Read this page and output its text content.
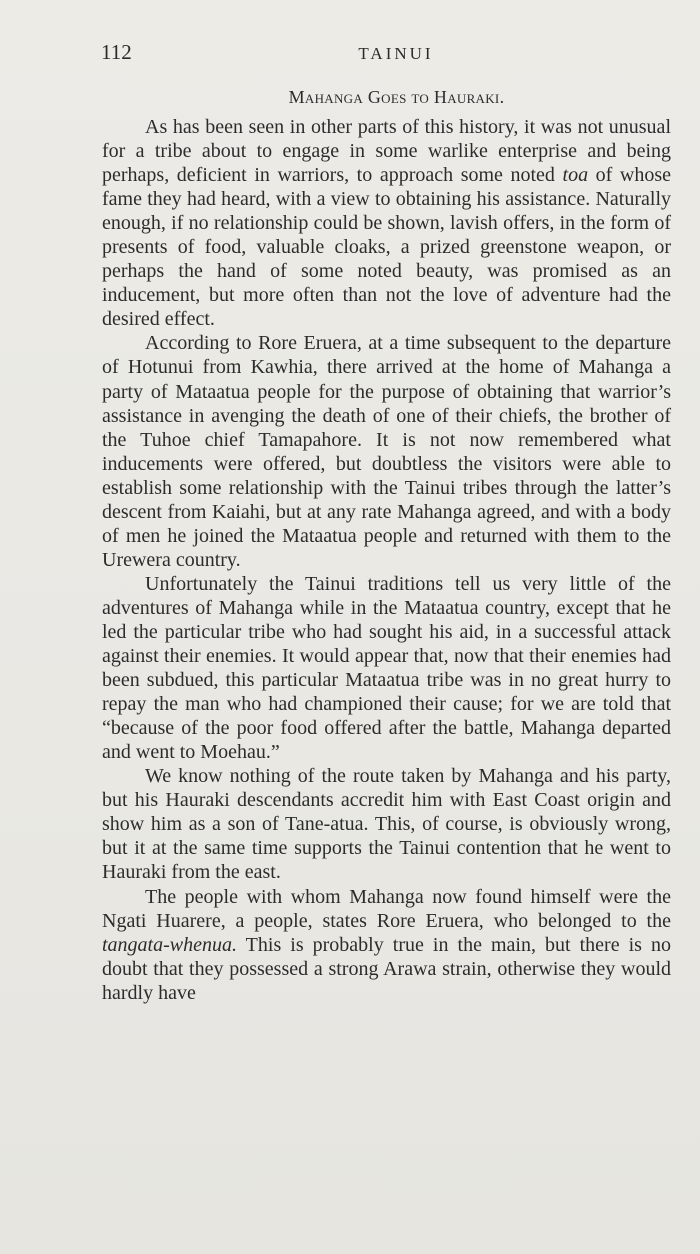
112	TAINUI
Mahanga Goes to Hauraki.

As has been seen in other parts of this history, it was not unusual for a tribe about to engage in some warlike enterprise and being perhaps, deficient in warriors, to approach some noted toa of whose fame they had heard, with a view to obtaining his assistance. Naturally enough, if no relationship could be shown, lavish offers, in the form of presents of food, valuable cloaks, a prized greenstone weapon, or perhaps the hand of some noted beauty, was promised as an inducement, but more often than not the love of adventure had the desired effect.

According to Rore Eruera, at a time subsequent to the departure of Hotunui from Kawhia, there arrived at the home of Mahanga a party of Mataatua people for the purpose of obtaining that warrior’s assistance in avenging the death of one of their chiefs, the brother of the Tuhoe chief Tamapahore. It is not now remembered what inducements were offered, but doubtless the visitors were able to establish some relationship with the Tainui tribes through the latter’s descent from Kaiahi, but at any rate Mahanga agreed, and with a body of men he joined the Mataatua people and returned with them to the Urewera country.

Unfortunately the Tainui traditions tell us very little of the adventures of Mahanga while in the Mataatua country, except that he led the particular tribe who had sought his aid, in a successful attack against their enemies. It would appear that, now that their enemies had been subdued, this particular Mataatua tribe was in no great hurry to repay the man who had championed their cause; for we are told that “because of the poor food offered after the battle, Mahanga departed and went to Moehau.”

We know nothing of the route taken by Mahanga and his party, but his Hauraki descendants accredit him with East Coast origin and show him as a son of Tane-atua. This, of course, is obviously wrong, but it at the same time supports the Tainui contention that he went to Hauraki from the east.

The people with whom Mahanga now found himself were the Ngati Huarere, a people, states Rore Eruera, who belonged to the tangata-whenua. This is probably true in the main, but there is no doubt that they possessed a strong Arawa strain, otherwise they would hardly have
